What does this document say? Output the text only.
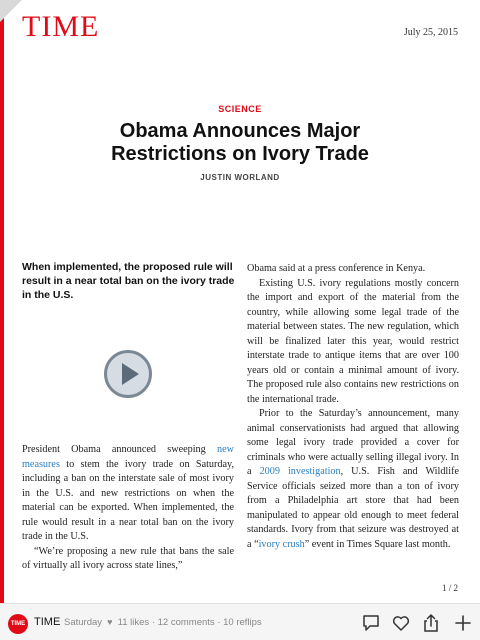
TIME	July 25, 2015
SCIENCE
Obama Announces Major Restrictions on Ivory Trade
JUSTIN WORLAND
When implemented, the proposed rule will result in a near total ban on the ivory trade in the U.S.

President Obama announced sweeping new measures to stem the ivory trade on Saturday, including a ban on the interstate sale of most ivory in the U.S. and new restrictions on when the material can be exported. When implemented, the rule would result in a near total ban on the ivory trade in the U.S.

“We’re proposing a new rule that bans the sale of virtually all ivory across state lines,”

Obama said at a press conference in Kenya.

Existing U.S. ivory regulations mostly concern the import and export of the material from the country, while allowing some legal trade of the material between states. The new regulation, which will be finalized later this year, would restrict interstate trade to antique items that are over 100 years old or contain a minimal amount of ivory. The proposed rule also contains new restrictions on the international trade.

Prior to the Saturday’s announcement, many animal conservationists had argued that allowing some legal ivory trade provided a cover for criminals who were actually selling illegal ivory. In a 2009 investigation, U.S. Fish and Wildlife Service officials seized more than a ton of ivory from a Philadelphia art store that had been manipulated to appear old enough to meet federal standards. Ivory from that seizure was destroyed at a “ivory crush” event in Times Square last month.

1 / 2
TIME TIME Saturday  ♥  11 likes · 12 comments · 10 reflips
